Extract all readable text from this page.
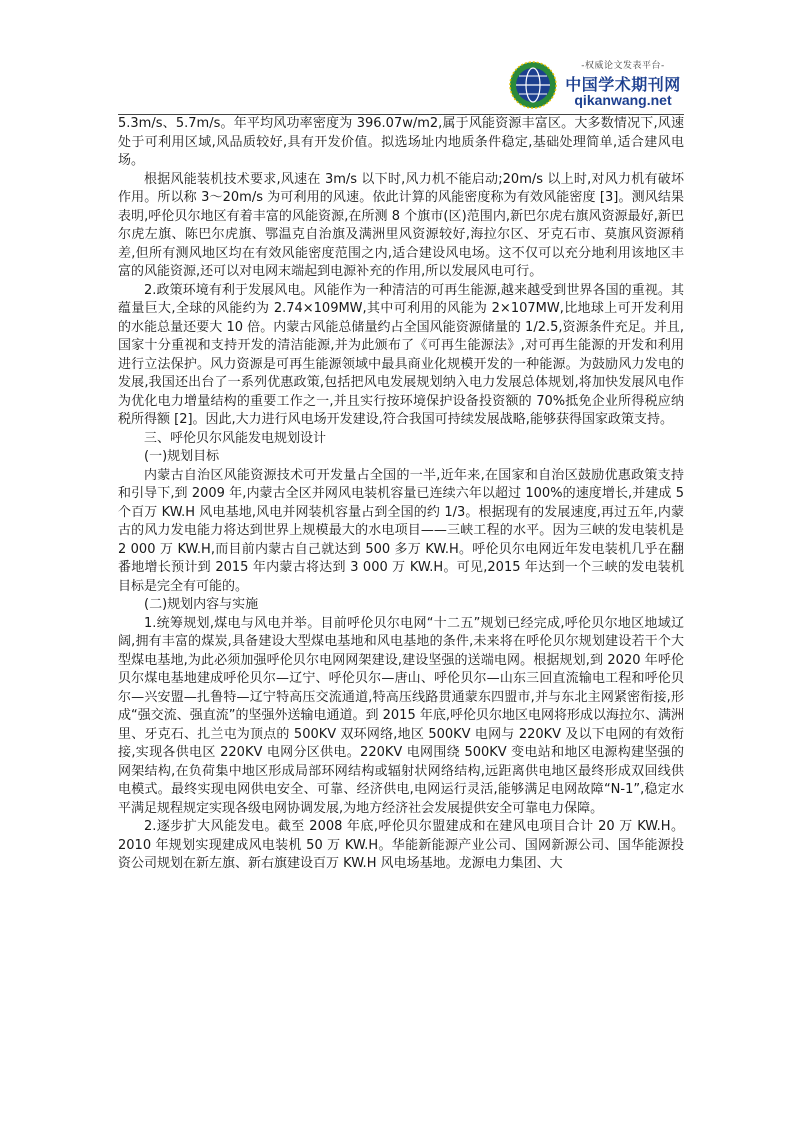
-权威论文发表平台-
中国学术期刊网
qikanwang.net

5.3m/s、5.7m/s。年平均风功率密度为 396.07w/m2,属于风能资源丰富区。大多数情况下,风速处于可利用区域,风品质较好,具有开发价值。拟选场址内地质条件稳定,基础处理简单,适合建风电场。

根据风能装机技术要求,风速在 3m/s 以下时,风力机不能启动;20m/s 以上时,对风力机有破坏作用。所以称 3～20m/s 为可利用的风速。依此计算的风能密度称为有效风能密度 [3]。测风结果表明,呼伦贝尔地区有着丰富的风能资源,在所测 8 个旗市(区)范围内,新巴尔虎右旗风资源最好,新巴尔虎左旗、陈巴尔虎旗、鄂温克自治旗及满洲里风资源较好,海拉尔区、牙克石市、莫旗风资源稍差,但所有测风地区均在有效风能密度范围之内,适合建设风电场。这不仅可以充分地利用该地区丰富的风能资源,还可以对电网末端起到电源补充的作用,所以发展风电可行。

2.政策环境有利于发展风电。风能作为一种清洁的可再生能源,越来越受到世界各国的重视。其蕴量巨大,全球的风能约为 2.74×109MW,其中可利用的风能为 2×107MW,比地球上可开发利用的水能总量还要大 10 倍。内蒙古风能总储量约占全国风能资源储量的 1/2.5,资源条件充足。并且,国家十分重视和支持开发的清洁能源,并为此颁布了《可再生能源法》,对可再生能源的开发和利用进行立法保护。风力资源是可再生能源领域中最具商业化规模开发的一种能源。为鼓励风力发电的发展,我国还出台了一系列优惠政策,包括把风电发展规划纳入电力发展总体规划,将加快发展风电作为优化电力增量结构的重要工作之一,并且实行按环境保护设备投资额的 70%抵免企业所得税应纳税所得额 [2]。因此,大力进行风电场开发建设,符合我国可持续发展战略,能够获得国家政策支持。

三、呼伦贝尔风能发电规划设计

(一)规划目标

内蒙古自治区风能资源技术可开发量占全国的一半,近年来,在国家和自治区鼓励优惠政策支持和引导下,到 2009 年,内蒙古全区并网风电装机容量已连续六年以超过 100%的速度增长,并建成 5 个百万 KW.H 风电基地,风电并网装机容量占到全国的约 1/3。根据现有的发展速度,再过五年,内蒙古的风力发电能力将达到世界上规模最大的水电项目——三峡工程的水平。因为三峡的发电装机是 2 000 万 KW.H,而目前内蒙古自己就达到 500 多万 KW.H。呼伦贝尔电网近年发电装机几乎在翻番地增长预计到 2015 年内蒙古将达到 3 000 万 KW.H。可见,2015 年达到一个三峡的发电装机目标是完全有可能的。

(二)规划内容与实施

1.统筹规划,煤电与风电并举。目前呼伦贝尔电网“十二五”规划已经完成,呼伦贝尔地区地域辽阔,拥有丰富的煤炭,具备建设大型煤电基地和风电基地的条件,未来将在呼伦贝尔规划建设若干个大型煤电基地,为此必须加强呼伦贝尔电网网架建设,建设坚强的送端电网。根据规划,到 2020 年呼伦贝尔煤电基地建成呼伦贝尔—辽宁、呼伦贝尔—唐山、呼伦贝尔—山东三回直流输电工程和呼伦贝尔—兴安盟—扎鲁特—辽宁特高压交流通道,特高压线路贯通蒙东四盟市,并与东北主网紧密衔接,形成“强交流、强直流”的坚强外送输电通道。到 2015 年底,呼伦贝尔地区电网将形成以海拉尔、满洲里、牙克石、扎兰屯为顶点的 500KV 双环网络,地区 500KV 电网与 220KV 及以下电网的有效衔接,实现各供电区 220KV 电网分区供电。220KV 电网围绕 500KV 变电站和地区电源构建坚强的网架结构,在负荷集中地区形成局部环网结构或辐射状网络结构,远距离供电地区最终形成双回线供电模式。最终实现电网供电安全、可靠、经济供电,电网运行灵活,能够满足电网故障“N-1”,稳定水平满足规程规定实现各级电网协调发展,为地方经济社会发展提供安全可靠电力保障。

2.逐步扩大风能发电。截至 2008 年底,呼伦贝尔盟建成和在建风电项目合计 20 万 KW.H。2010 年规划实现建成风电装机 50 万 KW.H。华能新能源产业公司、国网新源公司、国华能源投资公司规划在新左旗、新右旗建设百万 KW.H 风电场基地。龙源电力集团、大
